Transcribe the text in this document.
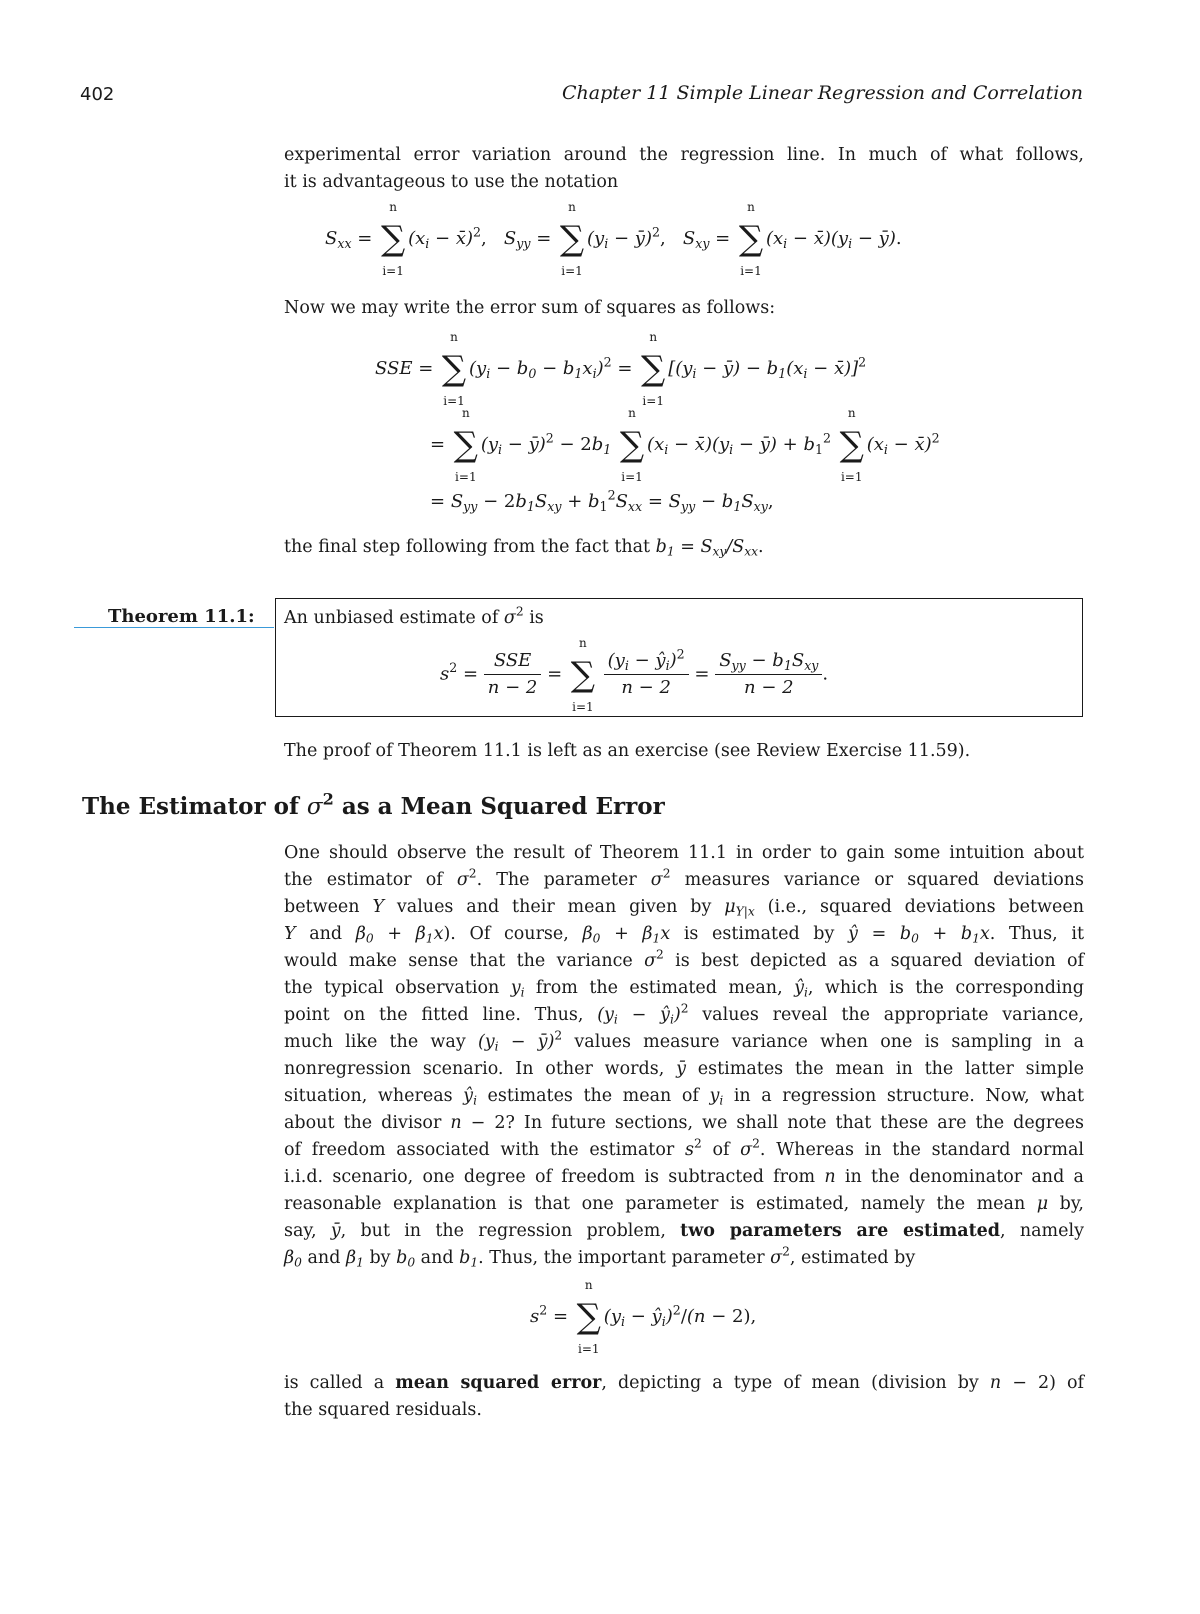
402	Chapter 11 Simple Linear Regression and Correlation
experimental error variation around the regression line. In much of what follows,
it is advantageous to use the notation
$S_{xx}$ =
n
∑
i=1
($x_i$ − x̄)$^2$,   $S_{yy}$ =
n
∑
i=1
($y_i$ − ȳ)$^2$,   $S_{xy}$ =
n
∑
i=1
($x_i$ − $x̄)(y_i$ − ȳ).
Now we may write the error sum of squares as follows:
SSE =
n
∑
i=1
$(y_i - b_0 - b_1x_i)^2$ =
n
∑
i=1
[($y_i$ − ȳ) − $b_1(x_i$ − x̄)]$^2$
=
n
∑
i=1
($y_i$ − ȳ)$^2$ − $2b_1$
n
∑
i=1
($x_i$ − $x̄)(y_i$ − ȳ) + $b_1^2$
n
∑
i=1
($x_i$ − x̄)$^2$
= $S_{yy} - 2b_1S_{xy} + b_1^2S_{xx} = S_{yy} - b_1S_{xy}$,
the final step following from the fact that $b_1 = S_{xy}/S_{xx}$.
Theorem 11.1: An unbiased estimate of $\sigma^2$ is
$s^2 = \frac{\text{SSE}}{n - 2}$ =
n
∑
i=1

$\frac{(y_i - ŷ_i)^2}{n - 2} = \frac{S_{yy} - b_1S_{xy}}{n - 2}$ .
The proof of Theorem 11.1 is left as an exercise (see Review Exercise 11.59).
The Estimator of $\sigma^2$ as a Mean Squared Error
One should observe the result of Theorem 11.1 in order to gain some intuition about
the estimator of $\sigma^2$. The parameter $\sigma^2$ measures variance or squared deviations
between Y values and their mean given by $\mu_{Y|x}$ (i.e., squared deviations between
Y and $\beta_0 + \beta_1x$). Of course, $\beta_0 + \beta_1x$ is estimated by ŷ = $b_0 + b_1x$. Thus, it
would make sense that the variance $\sigma^2$ is best depicted as a squared deviation of
the typical observation $y_i$ from the estimated mean, $ŷ_i$, which is the corresponding
point on the fitted line. Thus, ($y_i$ − $ŷ_i)^2$ values reveal the appropriate variance,
much like the way ($y_i$ − ȳ)$^2$ values measure variance when one is sampling in a
nonregression scenario. In other words, ȳ estimates the mean in the latter simple
situation, whereas $ŷ_i$ estimates the mean of $y_i$ in a regression structure. Now, what
about the divisor n − 2? In future sections, we shall note that these are the degrees
of freedom associated with the estimator $s^2$ of $\sigma^2$. Whereas in the standard normal
i.i.d. scenario, one degree of freedom is subtracted from n in the denominator and a
reasonable explanation is that one parameter is estimated, namely the mean μ by,
say, ȳ, but in the regression problem, two parameters are estimated, namely
$\beta_0$ and $\beta_1$ by $b_0$ and $b_1$. Thus, the important parameter $\sigma^2$, estimated by
$s^2$ =
n
∑
i=1
($y_i$ − $ŷ_i)^2/(n - 2)$,
is called a mean squared error, depicting a type of mean (division by n − 2) of
the squared residuals.
